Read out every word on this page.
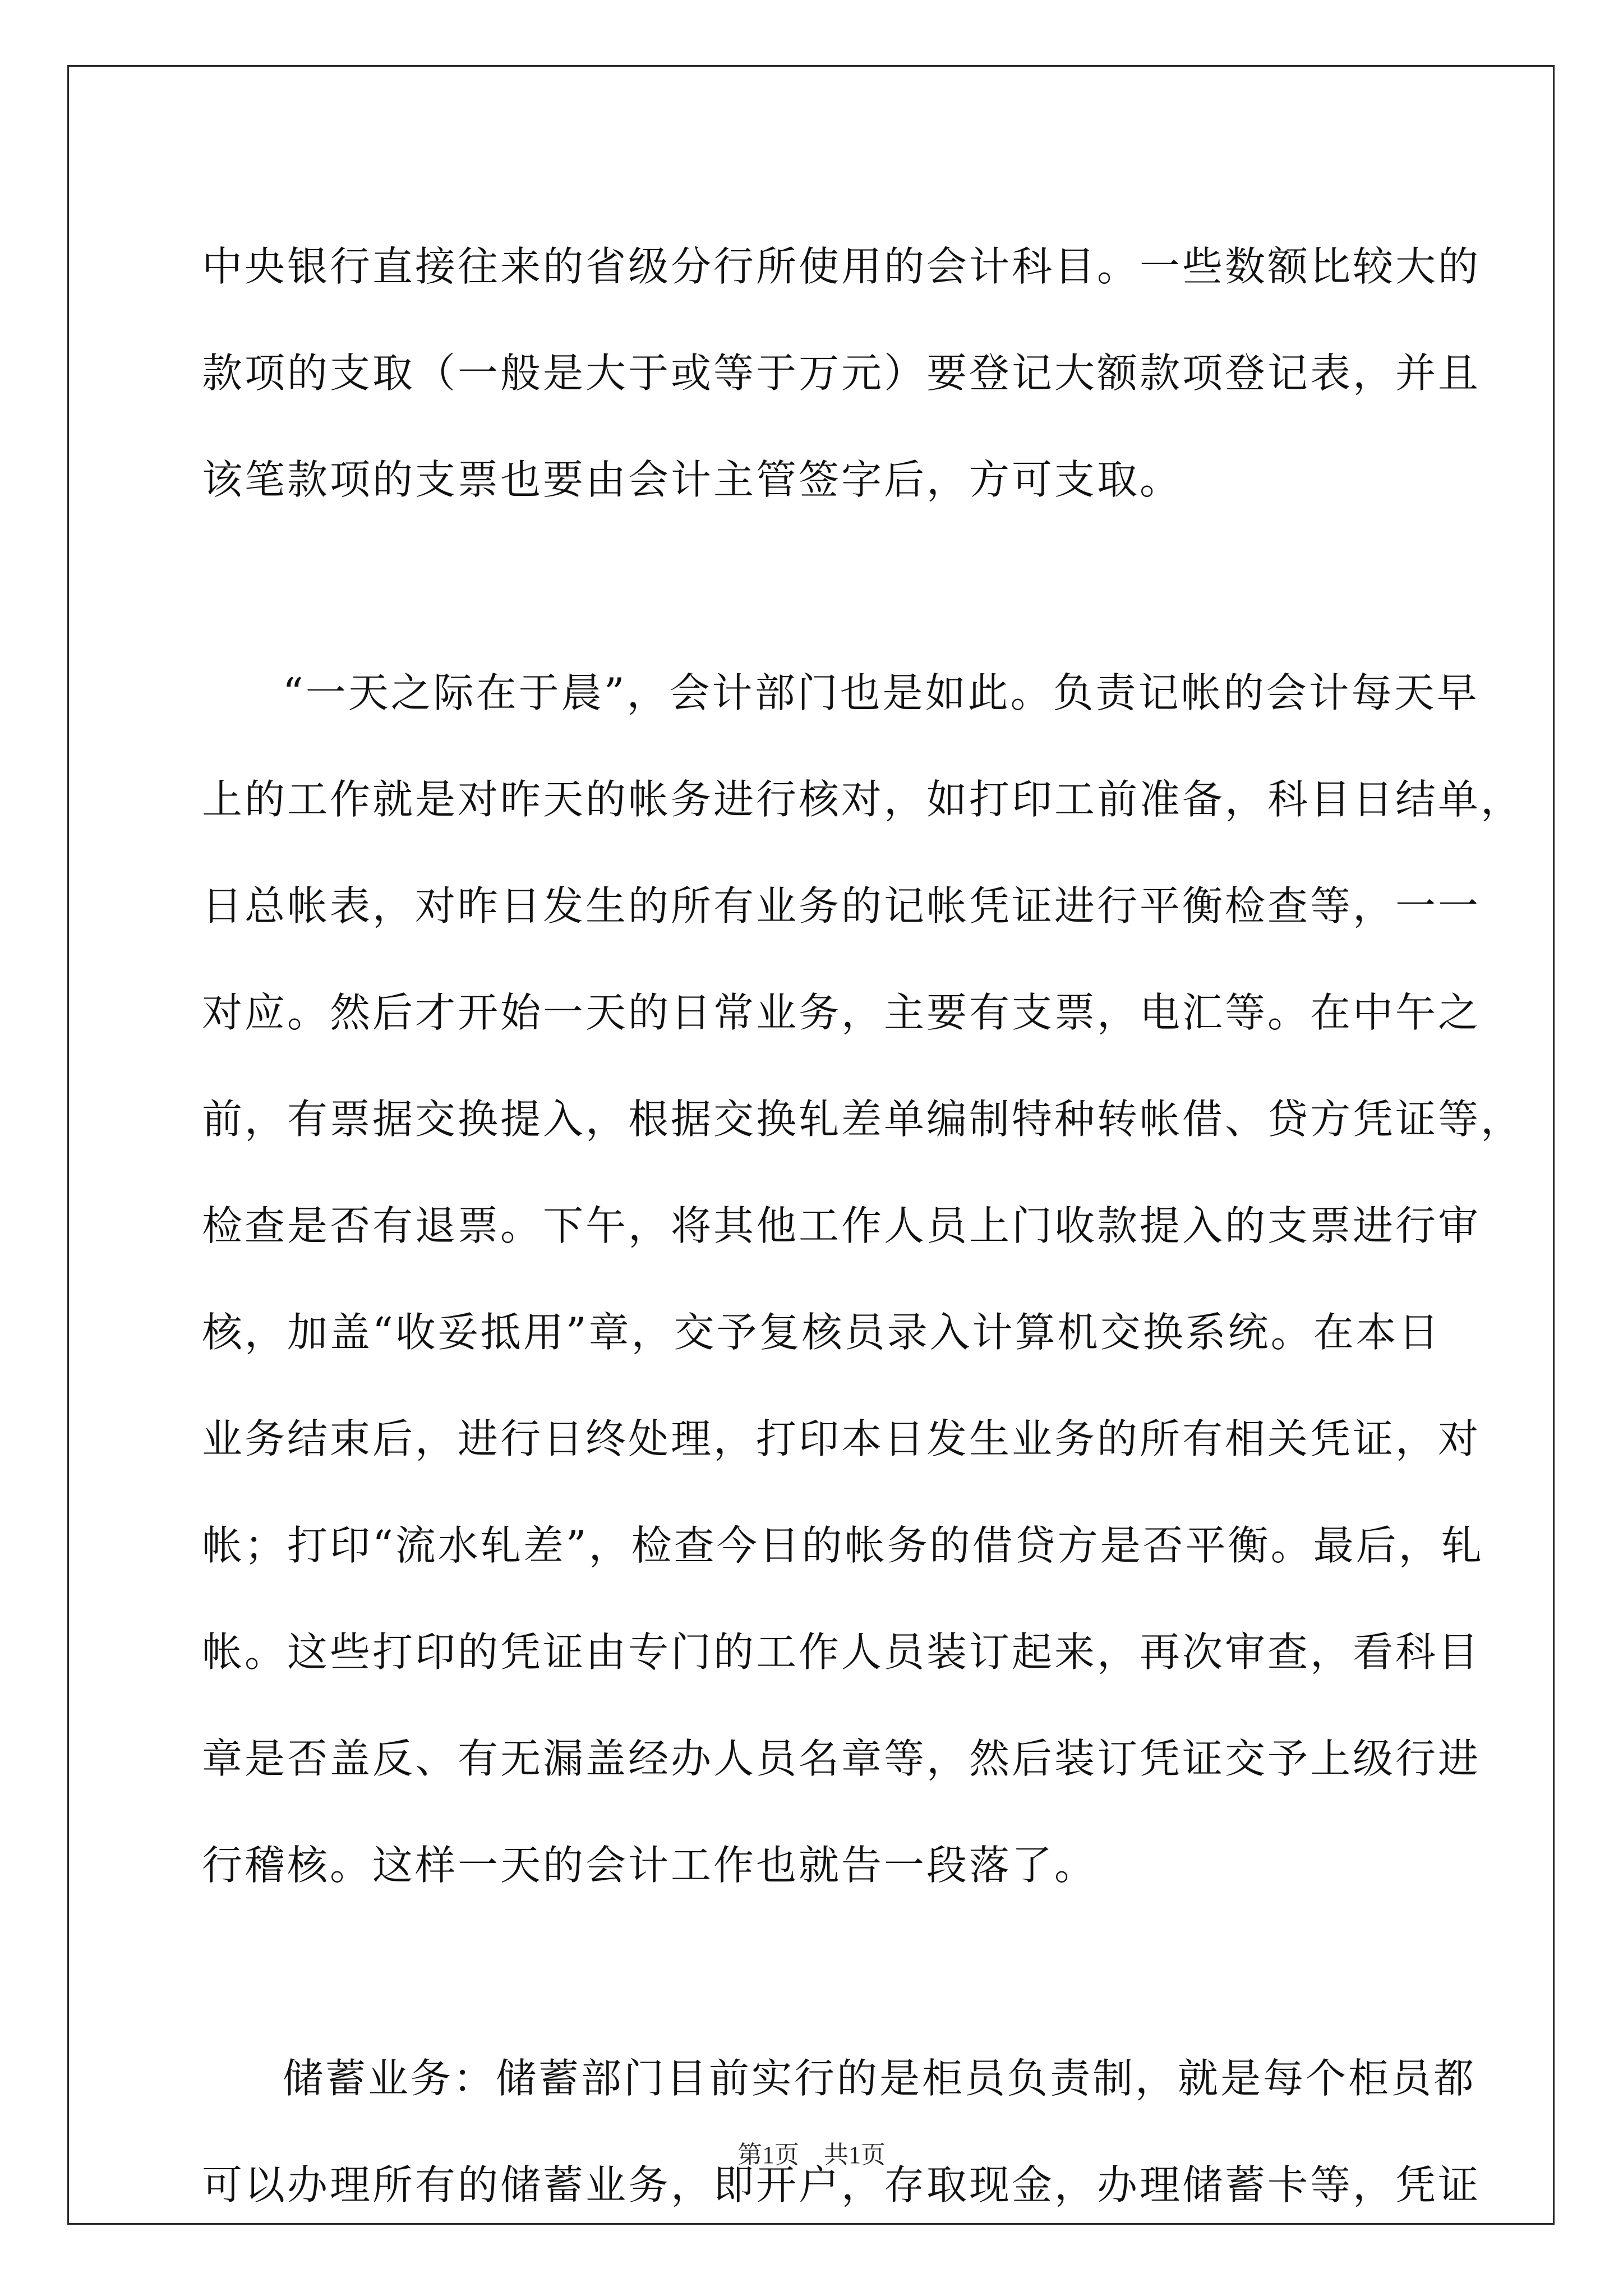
中央银行直接往来的省级分行所使用的会计科目。一些数额比较大的
款项的支取（一般是大于或等于万元）要登记大额款项登记表，并且
该笔款项的支票也要由会计主管签字后，方可支取。
“一天之际在于晨”，会计部门也是如此。负责记帐的会计每天早
上的工作就是对昨天的帐务进行核对，如打印工前准备，科目日结单，
日总帐表，对昨日发生的所有业务的记帐凭证进行平衡检查等，一一
对应。然后才开始一天的日常业务，主要有支票，电汇等。在中午之
前，有票据交换提入，根据交换轧差单编制特种转帐借、贷方凭证等，
检查是否有退票。下午，将其他工作人员上门收款提入的支票进行审
核，加盖“收妥抵用”章，交予复核员录入计算机交换系统。在本日
业务结束后，进行日终处理，打印本日发生业务的所有相关凭证，对
帐；打印“流水轧差”，检查今日的帐务的借贷方是否平衡。最后，轧
帐。这些打印的凭证由专门的工作人员装订起来，再次审查，看科目
章是否盖反、有无漏盖经办人员名章等，然后装订凭证交予上级行进
行稽核。这样一天的会计工作也就告一段落了。
储蓄业务：储蓄部门目前实行的是柜员负责制，就是每个柜员都
可以办理所有的储蓄业务，即开户，存取现金，办理储蓄卡等，凭证
第1页　共1页
